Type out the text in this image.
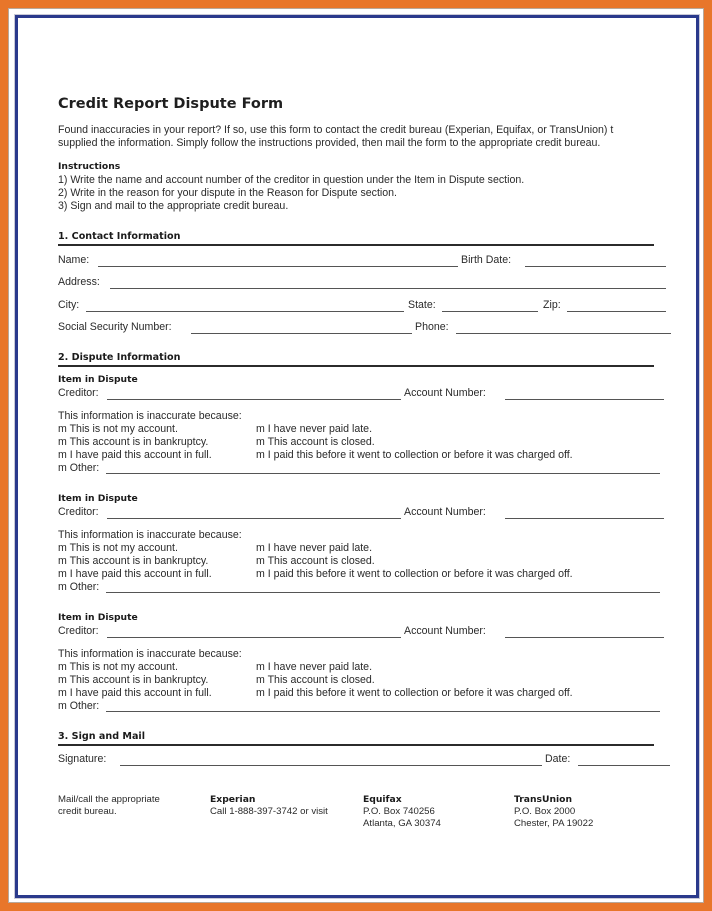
Credit Report Dispute Form
Found inaccuracies in your report? If so, use this form to contact the credit bureau (Experian, Equifax, or TransUnion) t
supplied the information. Simply follow the instructions provided, then mail the form to the appropriate credit bureau.
Instructions
1) Write the name and account number of the creditor in question under the Item in Dispute section.
2) Write in the reason for your dispute in the Reason for Dispute section.
3) Sign and mail to the appropriate credit bureau.
1. Contact Information
Name:	Birth Date:
Address:
City:	State:	Zip:
Social Security Number:	Phone:
2. Dispute Information
Item in Dispute
Creditor:	Account Number:
This information is inaccurate because:
m This is not my account.	m I have never paid late.
m This account is in bankruptcy.	m This account is closed.
m I have paid this account in full.	m I paid this before it went to collection or before it was charged off.
m Other:
Item in Dispute
Creditor:	Account Number:
This information is inaccurate because:
m This is not my account.	m I have never paid late.
m This account is in bankruptcy.	m This account is closed.
m I have paid this account in full.	m I paid this before it went to collection or before it was charged off.
m Other:
Item in Dispute
Creditor:	Account Number:
This information is inaccurate because:
m This is not my account.	m I have never paid late.
m This account is in bankruptcy.	m This account is closed.
m I have paid this account in full.	m I paid this before it went to collection or before it was charged off.
m Other:
3. Sign and Mail
Signature:	Date:
Mail/call the appropriate
credit bureau.
Experian
Call 1-888-397-3742 or visit
Equifax
P.O. Box 740256
Atlanta, GA 30374
TransUnion
P.O. Box 2000
Chester, PA 19022
